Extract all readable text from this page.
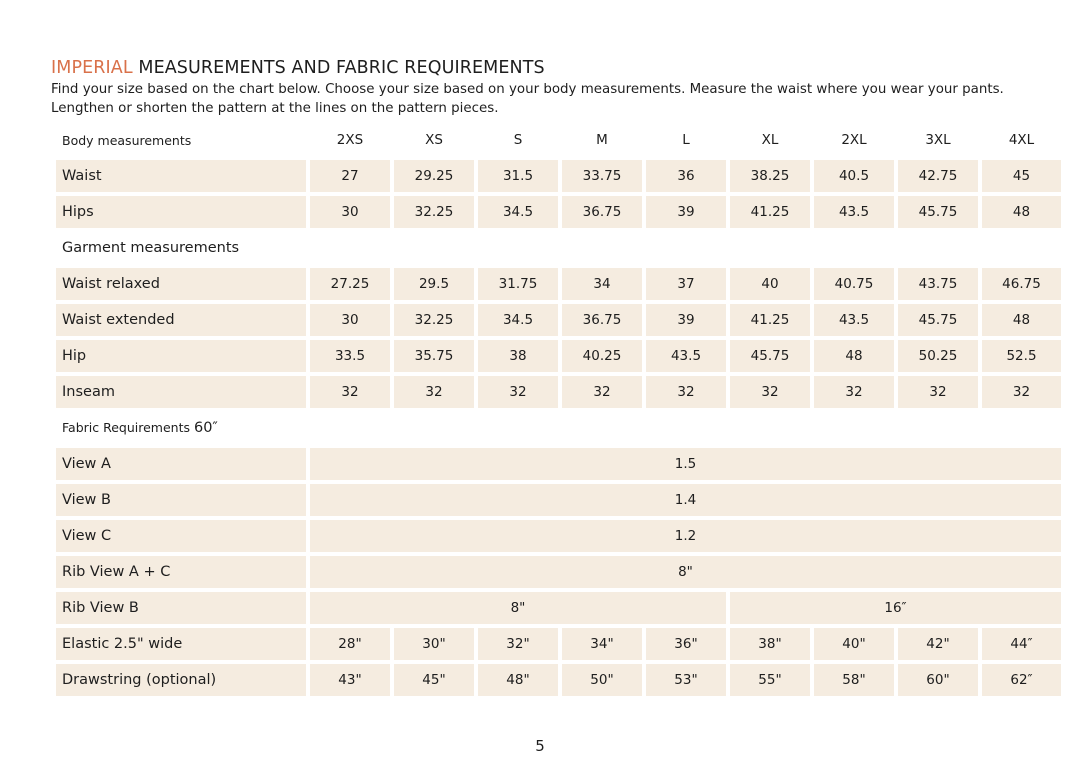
IMPERIAL MEASUREMENTS AND FABRIC REQUIREMENTS
Find your size based on the chart below. Choose your size based on your body measurements. Measure the waist where you wear your pants. Lengthen or shorten the pattern at the lines on the pattern pieces.
Body measurements	2XS	XS	S	M	L	XL	2XL	3XL	4XL
Waist	27	29.25	31.5	33.75	36	38.25	40.5	42.75	45
Hips	30	32.25	34.5	36.75	39	41.25	43.5	45.75	48
Garment measurements									
Waist relaxed	27.25	29.5	31.75	34	37	40	40.75	43.75	46.75
Waist extended	30	32.25	34.5	36.75	39	41.25	43.5	45.75	48
Hip	33.5	35.75	38	40.25	43.5	45.75	48	50.25	52.5
Inseam	32	32	32	32	32	32	32	32	32
Fabric Requirements 60″									
View A	1.5								
View B	1.4								
View C	1.2								
Rib View A + C	8"								
Rib View B	8"					16″			
Elastic 2.5" wide	28"	30"	32"	34"	36"	38"	40"	42"	44″
Drawstring (optional)	43"	45"	48"	50"	53"	55"	58"	60"	62″
5
